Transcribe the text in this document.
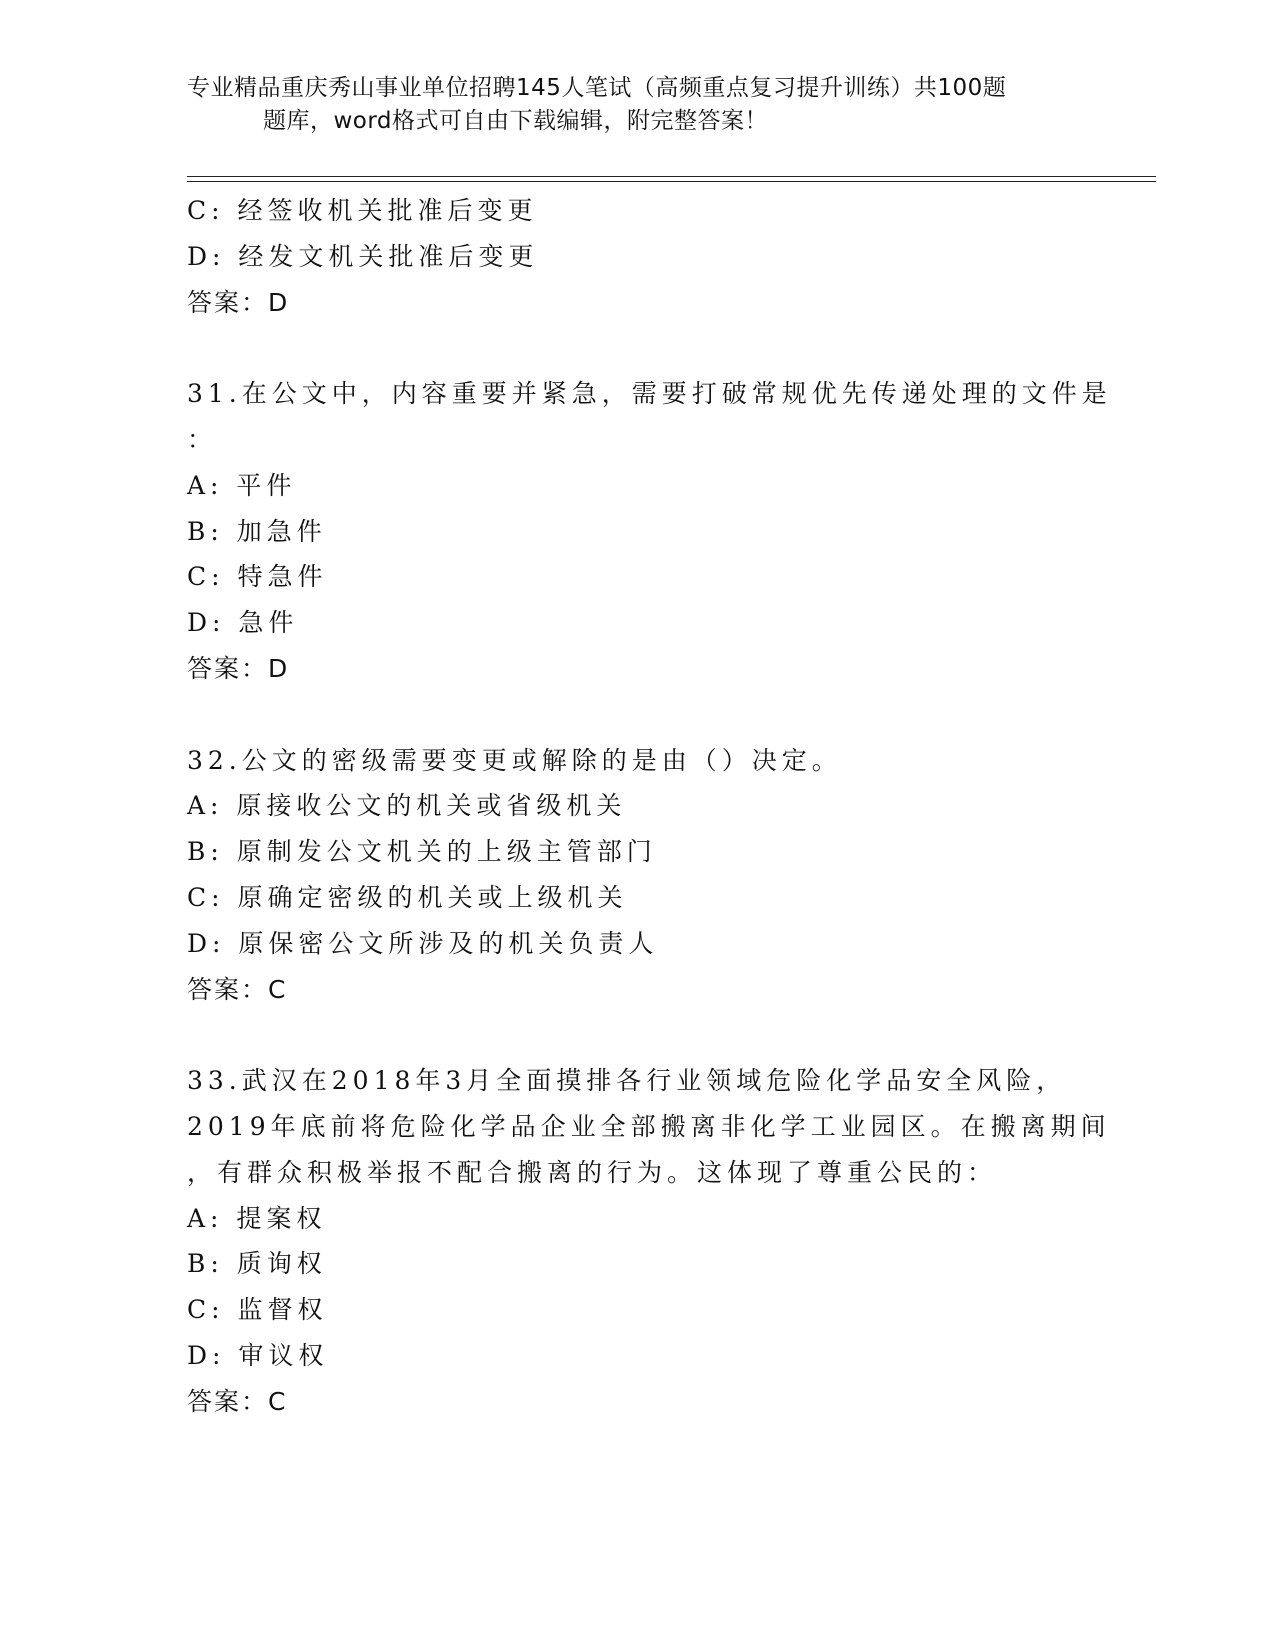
专业精品重庆秀山事业单位招聘145人笔试（高频重点复习提升训练）共100题
题库，word格式可自由下载编辑，附完整答案！
C: 经签收机关批准后变更
D: 经发文机关批准后变更
答案：D
31.在公文中，内容重要并紧急，需要打破常规优先传递处理的文件是
：
A: 平件
B: 加急件
C: 特急件
D: 急件
答案：D
32.公文的密级需要变更或解除的是由（）决定。
A: 原接收公文的机关或省级机关
B: 原制发公文机关的上级主管部门
C: 原确定密级的机关或上级机关
D: 原保密公文所涉及的机关负责人
答案：C
33.武汉在2018年3月全面摸排各行业领域危险化学品安全风险，
2019年底前将危险化学品企业全部搬离非化学工业园区。在搬离期间
，有群众积极举报不配合搬离的行为。这体现了尊重公民的：
A: 提案权
B: 质询权
C: 监督权
D: 审议权
答案：C
